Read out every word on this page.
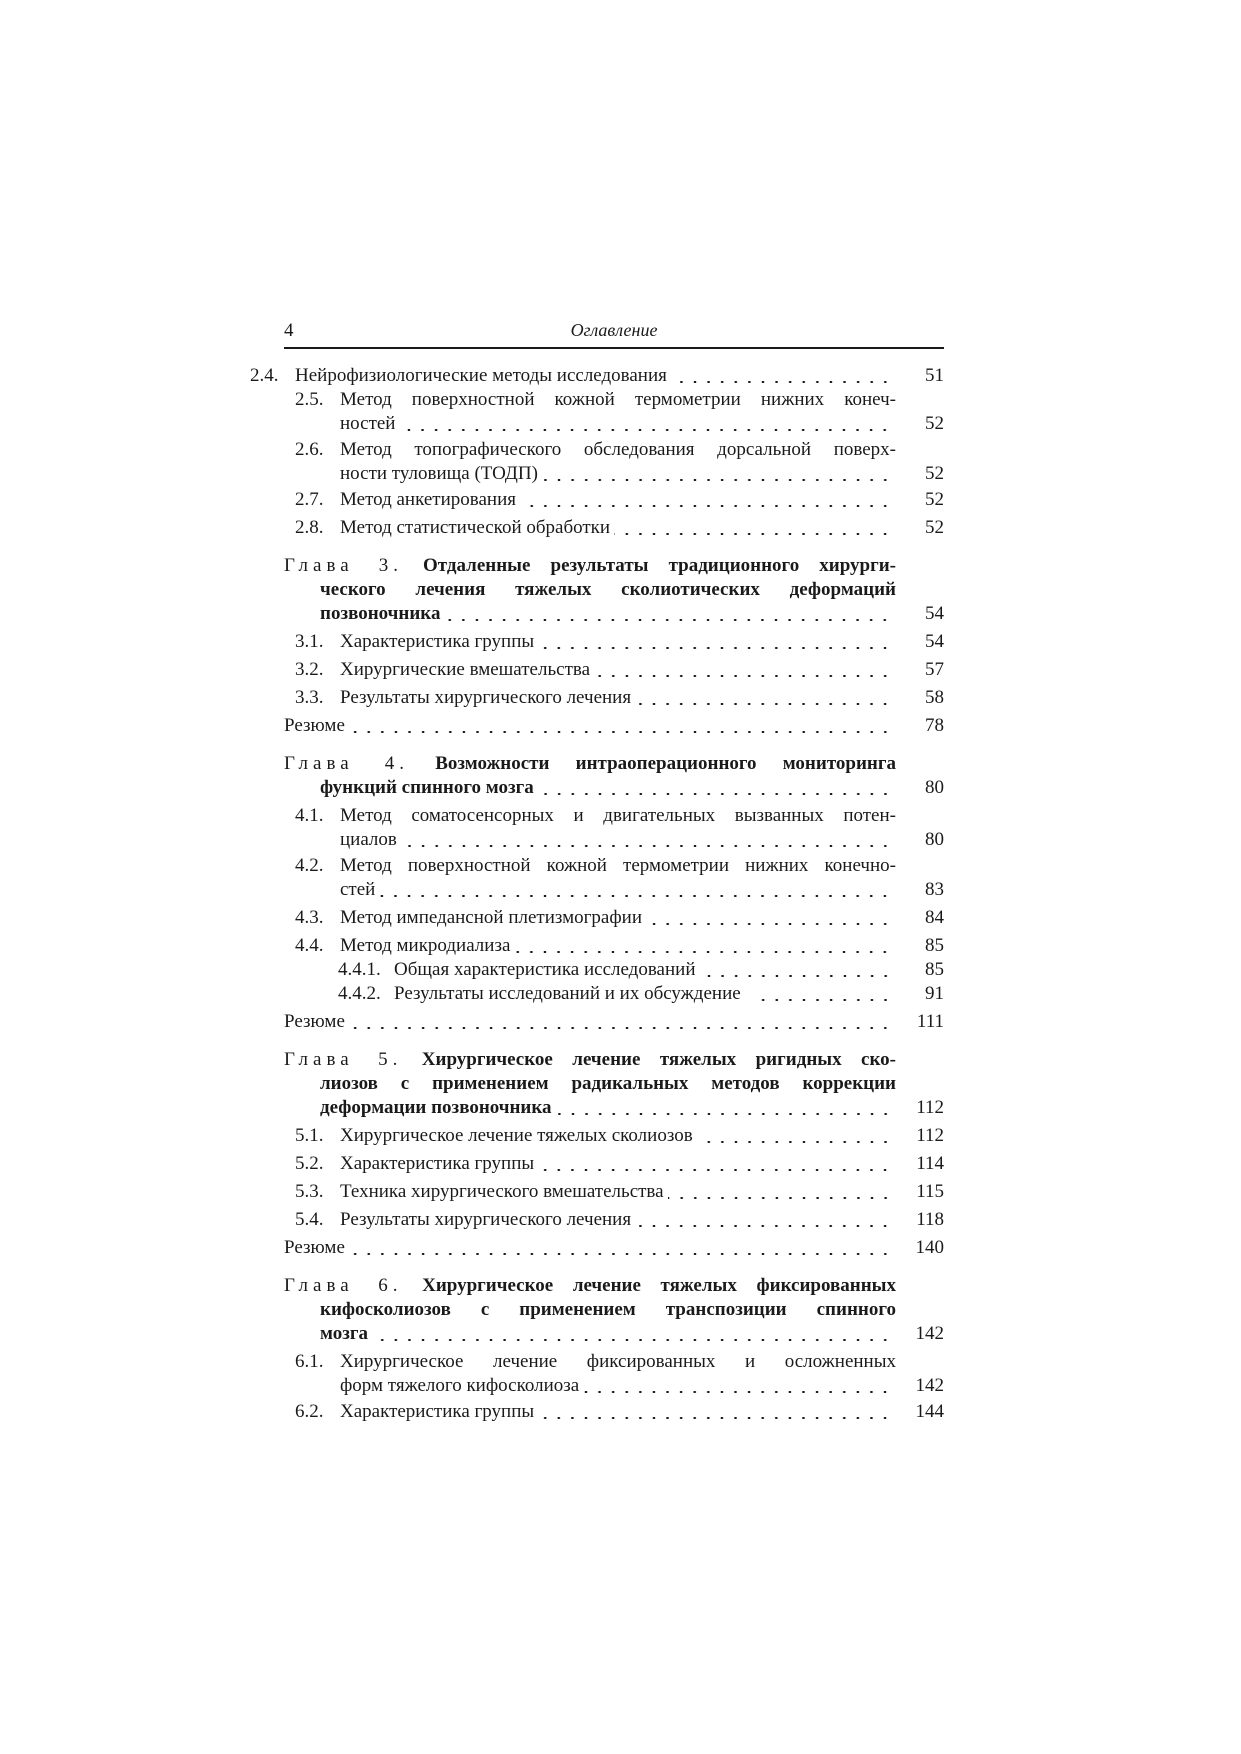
4	Оглавление
2.4. Нейрофизиологические методы исследования	51
2.5. Метод поверхностной кожной термометрии нижних конеч-
ностей	52
2.6. Метод топографического обследования дорсальной поверх-
ности туловища (ТОДП)	52
2.7. Метод анкетирования	52
2.8. Метод статистической обработки	52
Глава 3. Отдаленные результаты традиционного хирурги-
ческого лечения тяжелых сколиотических деформаций
позвоночника	54
3.1. Характеристика группы	54
3.2. Хирургические вмешательства	57
3.3. Результаты хирургического лечения	58
Резюме	78
Глава 4. Возможности интраоперационного мониторинга
функций спинного мозга	80
4.1. Метод соматосенсорных и двигательных вызванных потен-
циалов	80
4.2. Метод поверхностной кожной термометрии нижних конечно-
стей	83
4.3. Метод импедансной плетизмографии	84
4.4. Метод микродиализа	85
4.4.1. Общая характеристика исследований	85
4.4.2. Результаты исследований и их обсуждение	91
Резюме	111
Глава 5. Хирургическое лечение тяжелых ригидных ско-
лиозов с применением радикальных методов коррекции
деформации позвоночника	112
5.1. Хирургическое лечение тяжелых сколиозов	112
5.2. Характеристика группы	114
5.3. Техника хирургического вмешательства	115
5.4. Результаты хирургического лечения	118
Резюме	140
Глава 6. Хирургическое лечение тяжелых фиксированных
кифосколиозов с применением транспозиции спинного
мозга	142
6.1. Хирургическое лечение фиксированных и осложненных
форм тяжелого кифосколиоза	142
6.2. Характеристика группы	144
